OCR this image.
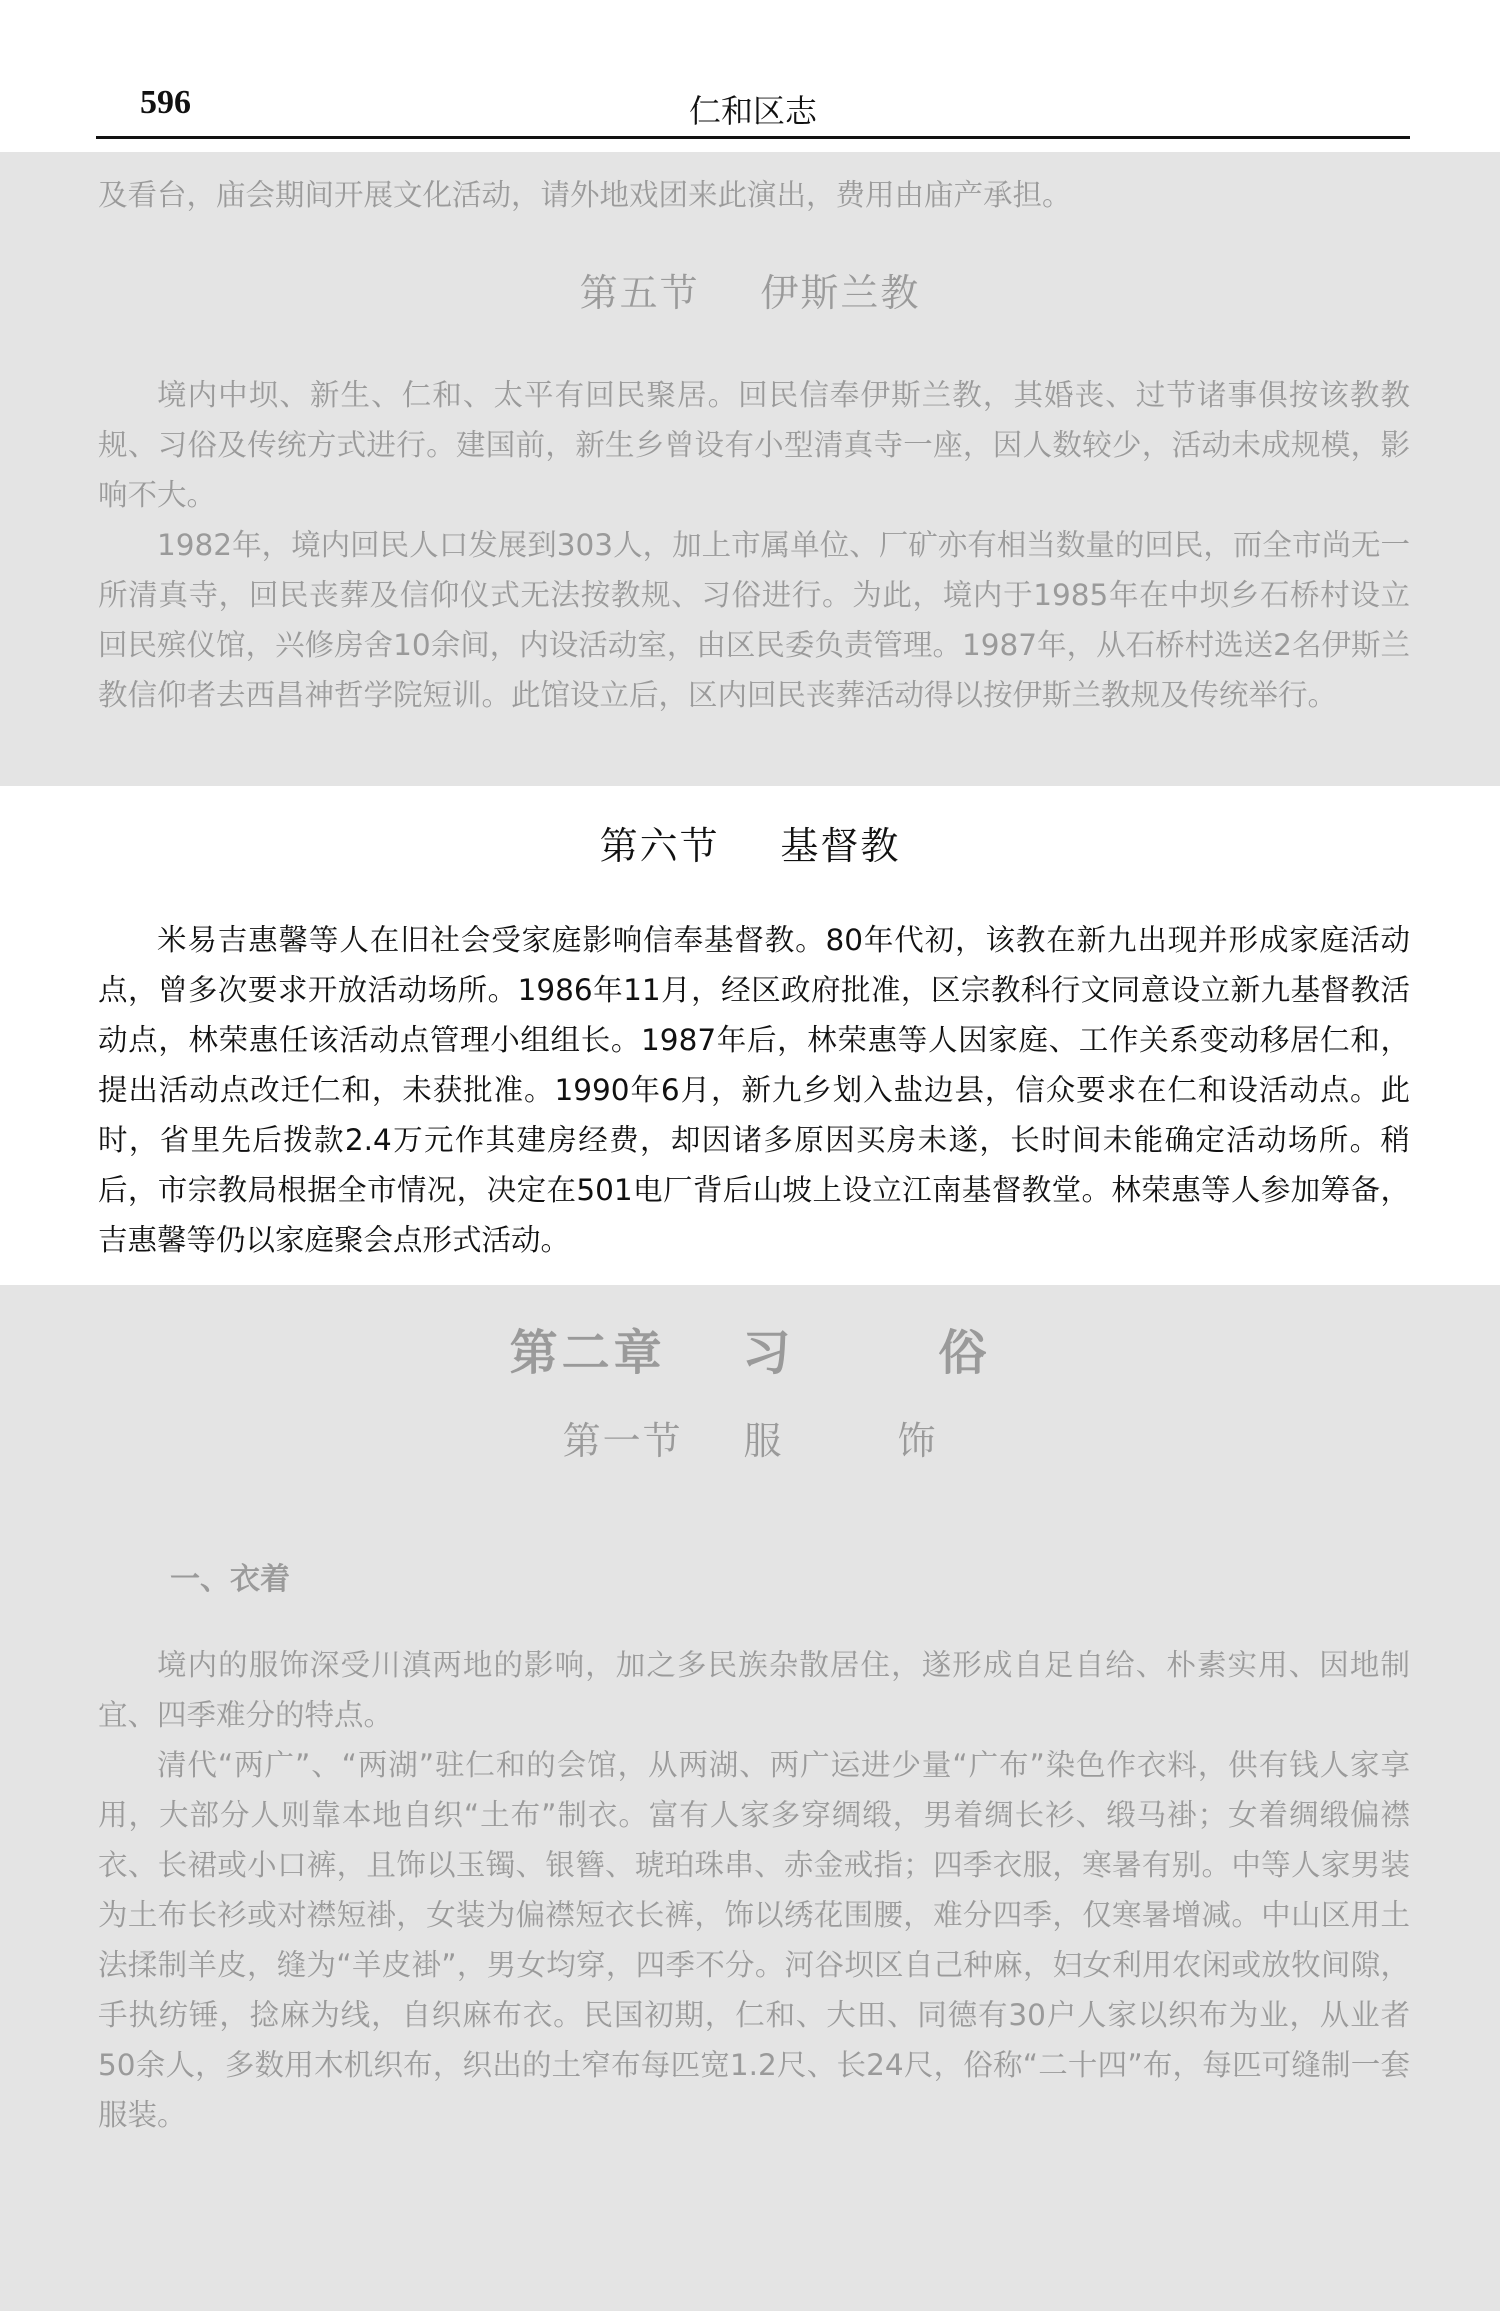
596	仁和区志

及看台，庙会期间开展文化活动，请外地戏团来此演出，费用由庙产承担。

第五节 伊斯兰教

境内中坝、新生、仁和、太平有回民聚居。回民信奉伊斯兰教，其婚丧、过节诸事俱按该教教规、习俗及传统方式进行。建国前，新生乡曾设有小型清真寺一座，因人数较少，活动未成规模，影响不大。

1982年，境内回民人口发展到303人，加上市属单位、厂矿亦有相当数量的回民，而全市尚无一所清真寺，回民丧葬及信仰仪式无法按教规、习俗进行。为此，境内于1985年在中坝乡石桥村设立回民殡仪馆，兴修房舍10余间，内设活动室，由区民委负责管理。1987年，从石桥村选送2名伊斯兰教信仰者去西昌神哲学院短训。此馆设立后，区内回民丧葬活动得以按伊斯兰教规及传统举行。

第六节 基督教

米易吉惠馨等人在旧社会受家庭影响信奉基督教。80年代初，该教在新九出现并形成家庭活动点，曾多次要求开放活动场所。1986年11月，经区政府批准，区宗教科行文同意设立新九基督教活动点，林荣惠任该活动点管理小组组长。1987年后，林荣惠等人因家庭、工作关系变动移居仁和，提出活动点改迁仁和，未获批准。1990年6月，新九乡划入盐边县，信众要求在仁和设活动点。此时，省里先后拨款2.4万元作其建房经费，却因诸多原因买房未遂，长时间未能确定活动场所。稍后，市宗教局根据全市情况，决定在501电厂背后山坡上设立江南基督教堂。林荣惠等人参加筹备，吉惠馨等仍以家庭聚会点形式活动。

第二章 习	俗
第一节 服	饰
一、衣着

境内的服饰深受川滇两地的影响，加之多民族杂散居住，遂形成自足自给、朴素实用、因地制宜、四季难分的特点。

清代“两广”、“两湖”驻仁和的会馆，从两湖、两广运进少量“广布”染色作衣料，供有钱人家享用，大部分人则靠本地自织“土布”制衣。富有人家多穿绸缎，男着绸长衫、缎马褂；女着绸缎偏襟衣、长裙或小口裤，且饰以玉镯、银簪、琥珀珠串、赤金戒指；四季衣服，寒暑有别。中等人家男装为土布长衫或对襟短褂，女装为偏襟短衣长裤，饰以绣花围腰，难分四季，仅寒暑增减。中山区用土法揉制羊皮，缝为“羊皮褂”，男女均穿，四季不分。河谷坝区自己种麻，妇女利用农闲或放牧间隙，手执纺锤，捻麻为线，自织麻布衣。民国初期，仁和、大田、同德有30户人家以织布为业，从业者50余人，多数用木机织布，织出的土窄布每匹宽1.2尺、长24尺，俗称“二十四”布，每匹可缝制一套服装。
